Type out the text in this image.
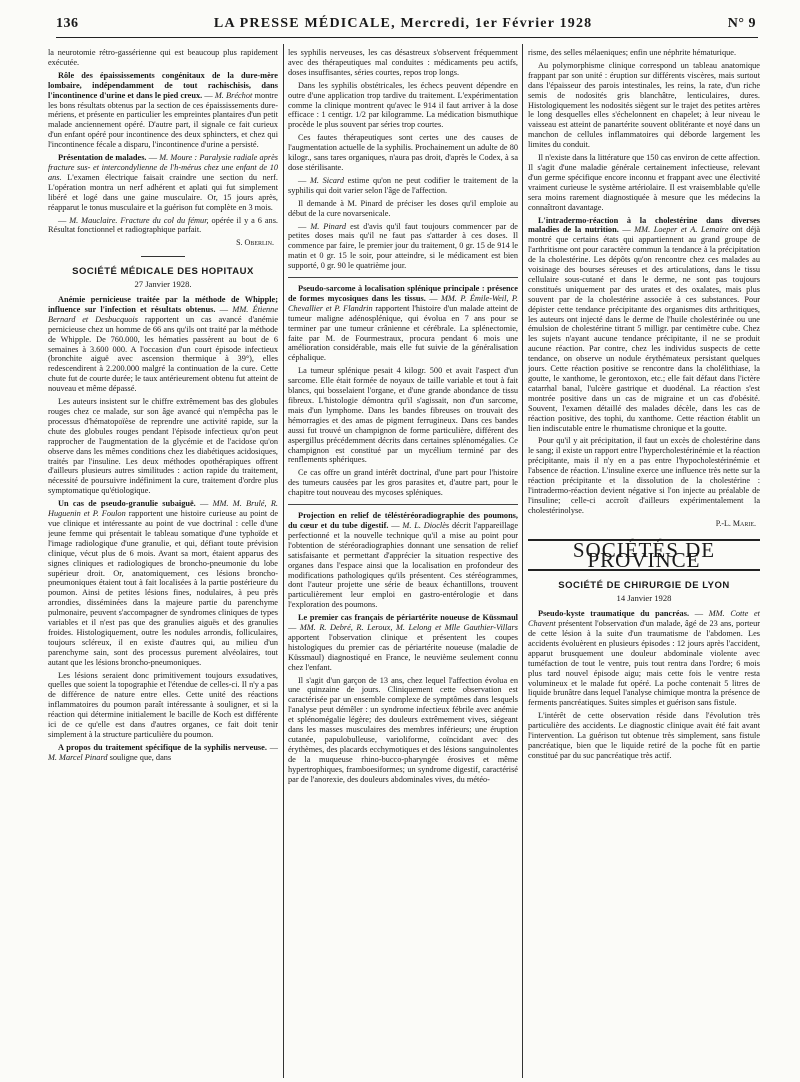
136	LA PRESSE MÉDICALE, Mercredi, 1er Février 1928	N° 9

la neurotomie rétro-gassérienne qui est beaucoup plus rapidement exécutée.

Rôle des épaississements congénitaux de la dure-mère lombaire, indépendamment de tout rachischisis, dans l'incontinence d'urine et dans le pied creux. — M. Bréchot montre les bons résultats obtenus par la section de ces épaississements dure-mériens, et présente en particulier les empreintes plantaires d'un petit malade anciennement opéré. D'autre part, il signale ce fait curieux d'un enfant opéré pour incontinence des deux sphincters, et chez qui l'incontinence fécale a disparu, l'incontinence d'urine a persisté.

Présentation de malades. — M. Moure : Paralysie radiale après fracture sus- et intercondylienne de l'h-mérus chez une enfant de 10 ans. L'examen électrique faisait craindre une section du nerf. L'opération montra un nerf adhérent et aplati qui fut simplement libéré et logé dans une gaine musculaire. Or, 15 jours après, réapparut le tonus musculaire et la guérison fut complète en 3 mois.

— M. Mauclaire. Fracture du col du fémur, opérée il y a 6 ans. Résultat fonctionnel et radiographique parfait.

S. Oberlin.
SOCIÉTÉ MÉDICALE DES HOPITAUX
27 Janvier 1928.

Anémie pernicieuse traitée par la méthode de Whipple; influence sur l'infection et résultats obtenus. — MM. Étienne Bernard et Desbucquois rapportent un cas avancé d'anémie pernicieuse chez un homme de 66 ans qu'ils ont traité par la méthode de Whipple. De 760.000, les hématies passèrent au bout de 6 semaines à 3.600 000. A l'occasion d'un court épisode infectieux (bronchite aiguë avec ascension thermique à 39°), elles redescendirent à 2.200.000 malgré la continuation de la cure. Cette chute fut de courte durée; le taux antérieurement obtenu fut atteint de nouveau et même dépassé.

Les auteurs insistent sur le chiffre extrêmement bas des globules rouges chez ce malade, sur son âge avancé qui n'empêcha pas le processus d'hématopoïèse de reprendre une activité rapide, sur la chute des globules rouges pendant l'épisode infectieux qu'on peut rapprocher de l'augmentation de la glycémie et de l'acidose qu'on observe dans les mêmes conditions chez les diabétiques acidosiques, traités par l'insuline. Les deux méthodes opothérapiques offrent d'ailleurs plusieurs autres similitudes : action rapide du traitement, nécessité de poursuivre indéfiniment la cure, traitement d'ordre plus symptomatique qu'étiologique.

Un cas de pseudo-granulie subaiguë. — MM. M. Brulé, R. Huguenin et P. Foulon rapportent une histoire curieuse au point de vue clinique et intéressante au point de vue doctrinal : celle d'une jeune femme qui présentait le tableau somatique d'une typhoïde et l'image radiologique d'une granulie, et qui, défiant toute prévision clinique, vécut plus de 6 mois. Avant sa mort, étaient apparus des signes cliniques et radiologiques de broncho-pneumonie du lobe supérieur droit. Or, anatomiquement, ces lésions broncho-pneumoniques étaient tout à fait localisées à la partie postérieure du poumon. Ainsi de petites lésions fines, nodulaires, à peu près arrondies, disséminées dans la majeure partie du parenchyme pulmonaire, peuvent s'accompagner de syndromes cliniques de types variables et il n'est pas que des granulies aiguës et des granulies froides. Histologiquement, outre les nodules arrondis, folliculaires, toujours scléreux, il en existe d'autres qui, au milieu d'un parenchyme sain, sont des processus purement alvéolaires, tout autant que les lésions broncho-pneumoniques.

Les lésions seraient donc primitivement toujours exsudatives, quelles que soient la topographie et l'étendue de celles-ci. Il n'y a pas de différence de nature entre elles. Cette unité des réactions inflammatoires du poumon paraît intéressante à souligner, et si la réaction qui détermine initialement le bacille de Koch est différente ici de ce qu'elle est dans d'autres organes, ce fait doit tenir simplement à la structure particulière du poumon.

A propos du traitement spécifique de la syphilis nerveuse. — M. Marcel Pinard souligne que, dans

les syphilis nerveuses, les cas désastreux s'observent fréquemment avec des thérapeutiques mal conduites : médicaments peu actifs, doses insuffisantes, séries courtes, repos trop longs.

Dans les syphilis obstétricales, les échecs peuvent dépendre en outre d'une application trop tardive du traitement. L'expérimentation comme la clinique montrent qu'avec le 914 il faut arriver à la dose efficace : 1 centigr. 1/2 par kilogramme. La médication bismuthique procède le plus souvent par séries trop courtes.

Ces fautes thérapeutiques sont certes une des causes de l'augmentation actuelle de la syphilis. Prochainement un adulte de 80 kilogr., sans tares organiques, n'aura pas droit, d'après le Codex, à sa dose stérilisante.

— M. Sicard estime qu'on ne peut codifier le traitement de la syphilis qui doit varier selon l'âge de l'affection.

Il demande à M. Pinard de préciser les doses qu'il emploie au début de la cure novarsenicale.

— M. Pinard est d'avis qu'il faut toujours commencer par de petites doses mais qu'il ne faut pas s'attarder à ces doses. Il commence par faire, le premier jour du traitement, 0 gr. 15 de 914 le matin et 0 gr. 15 le soir, pour atteindre, si le médicament est bien supporté, 0 gr. 90 le quatrième jour.

Pseudo-sarcome à localisation splénique principale : présence de formes mycosiques dans les tissus. — MM. P. Émile-Weil, P. Chevallier et P. Flandrin rapportent l'histoire d'un malade atteint de tumeur maligne adénosplénique, qui évolua en 7 ans pour se terminer par une tumeur crânienne et cérébrale. La splénectomie, faite par M. de Fourmestraux, procura pendant 6 mois une amélioration considérable, mais elle fut suivie de la généralisation céphalique.

La tumeur splénique pesait 4 kilogr. 500 et avait l'aspect d'un sarcome. Elle était formée de noyaux de taille variable et tout à fait blancs, qui bosselaient l'organe, et d'une grande abondance de tissu fibreux. L'histologie démontra qu'il s'agissait, non d'un sarcome, mais d'un lymphome. Dans les bandes fibreuses on trouvait des hémorragies et des amas de pigment ferrugineux. Dans ces bandes aussi fut trouvé un champignon de forme particulière, différent des aspergillus précédemment décrits dans certaines splénomégalies. Ce champignon est constitué par un mycélium terminé par des renflements sphériques.

Ce cas offre un grand intérêt doctrinal, d'une part pour l'histoire des tumeurs causées par les gros parasites et, d'autre part, pour le chapitre tout nouveau des mycoses spléniques.

Projection en relief de téléstéréoradiographie des poumons, du cœur et du tube digestif. — M. L. Dioclès décrit l'appareillage perfectionné et la nouvelle technique qu'il a mise au point pour l'obtention de stéréoradiographies donnant une sensation de relief satisfaisante et permettant d'apprécier la situation respective des organes dans l'espace ainsi que la localisation en profondeur des modifications pathologiques qu'ils présentent. Ces stéréogrammes, dont l'auteur projette une série de beaux échantillons, trouvent particulièrement leur emploi en gastro-entérologie et dans l'exploration des poumons.

Le premier cas français de périartérite noueuse de Küssmaul — MM. R. Debré, R. Leroux, M. Lelong et Mlle Gauthier-Villars apportent l'observation clinique et présentent les coupes histologiques du premier cas de périartérite noueuse (maladie de Küssmaul) diagnostiqué en France, le neuvième seulement connu chez l'enfant.

Il s'agit d'un garçon de 13 ans, chez lequel l'affection évolua en une quinzaine de jours. Cliniquement cette observation est caractérisée par un ensemble complexe de symptômes dans lesquels l'analyse peut démêler : un syndrome infectieux fébrile avec anémie et splénomégalie légère; des douleurs extrêmement vives, siégeant dans les masses musculaires des membres inférieurs; une éruption cutanée, papulobulleuse, varioliforme, coïncidant avec des érythèmes, des placards ecchymotiques et des lésions sanguinolentes de la muqueuse rhino-bucco-pharyngée érosives et même hypertrophiques, framboesiformes; un syndrome digestif, caractérisé par de l'anorexie, des douleurs abdominales vives, du météo-

risme, des selles mélaeniques; enfin une néphrite hématurique.

Au polymorphisme clinique correspond un tableau anatomique frappant par son unité : éruption sur différents viscères, mais surtout dans l'épaisseur des parois intestinales, les reins, la rate, d'un riche semis de nodosités gris blanchâtre, lenticulaires, dures. Histologiquement les nodosités siègent sur le trajet des petites artères le long desquelles elles s'échelonnent en chapelet; à leur niveau le vaisseau est atteint de panartérite souvent oblitérante et noyé dans un manchon de cellules inflammatoires qui déborde largement les limites du conduit.

Il n'existe dans la littérature que 150 cas environ de cette affection. Il s'agit d'une maladie générale certainement infectieuse, relevant d'un germe spécifique encore inconnu et frappant avec une électivité vraiment curieuse le système artériolaire. Il est vraisemblable qu'elle sera moins rarement diagnostiquée à mesure que les médecins la connaîtront davantage.

L'intradermo-réaction à la cholestérine dans diverses maladies de la nutrition. — MM. Loeper et A. Lemaire ont déjà montré que certains états qui appartiennent au grand groupe de l'arthritisme ont pour caractère commun la tendance à la précipitation de la cholestérine. Les dépôts qu'on rencontre chez ces malades au voisinage des bourses séreuses et des articulations, dans le tissu cellulaire sous-cutané et dans le derme, ne sont pas toujours constitués uniquement par des urates et des oxalates, mais plus souvent par de la cholestérine associée à ces substances. Pour dépister cette tendance précipitante des organismes dits arthritiques, les auteurs ont injecté dans le derme de l'huile cholestérinée ou une émulsion de cholestérine titrant 5 milligr. par centimètre cube. Chez les sujets n'ayant aucune tendance précipitante, il ne se produit aucune réaction. Par contre, chez les individus suspects de cette tendance, on observe un nodule érythémateux persistant quelques jours. Cette réaction positive se rencontre dans la cholélithiase, la goutte, le xanthome, le gerontoxon, etc.; elle fait défaut dans l'ictère catarrhal banal, l'ulcère gastrique et duodénal. La réaction s'est montrée positive dans un cas de migraine et un cas d'obésité. Souvent, l'examen détaillé des malades décèle, dans les cas de réaction positive, des tophi, du xanthome. Cette réaction établit un lien indiscutable entre le rhumatisme chronique et la goutte.

Pour qu'il y ait précipitation, il faut un excès de cholestérine dans le sang; il existe un rapport entre l'hypercholestérinémie et la réaction précipitante, mais il n'y en a pas entre l'hypocholestérinémie et l'absence de réaction. L'insuline exerce une influence très nette sur la réaction précipitante et la dissolution de la cholestérine : l'intradermo-réaction devient négative si l'on injecte au préalable de l'insuline; celle-ci accroît d'ailleurs expérimentalement la cholestérinolyse.

P.-L. Marie.
SOCIÉTÉS DE PROVINCE
SOCIÉTÉ DE CHIRURGIE DE LYON
14 Janvier 1928

Pseudo-kyste traumatique du pancréas. — MM. Cotte et Chavent présentent l'observation d'un malade, âgé de 23 ans, porteur de cette lésion à la suite d'un traumatisme de l'abdomen. Les accidents évoluèrent en plusieurs épisodes : 12 jours après l'accident, apparut brusquement une douleur abdominale violente avec tuméfaction de tout le ventre, puis tout rentra dans l'ordre; 6 mois plus tard nouvel épisode aigu; mais cette fois le ventre resta volumineux et le malade fut opéré. La poche contenait 5 litres de liquide brunâtre dans lequel l'analyse chimique montra la présence de ferments pancréatiques. Suites simples et guérison sans fistule.

L'intérêt de cette observation réside dans l'évolution très particulière des accidents. Le diagnostic clinique avait été fait avant l'intervention. La guérison tut obtenue très simplement, sans fistule pancréatique, bien que le liquide retiré de la poche fût en partie constitué par du suc pancréatique très actif.
